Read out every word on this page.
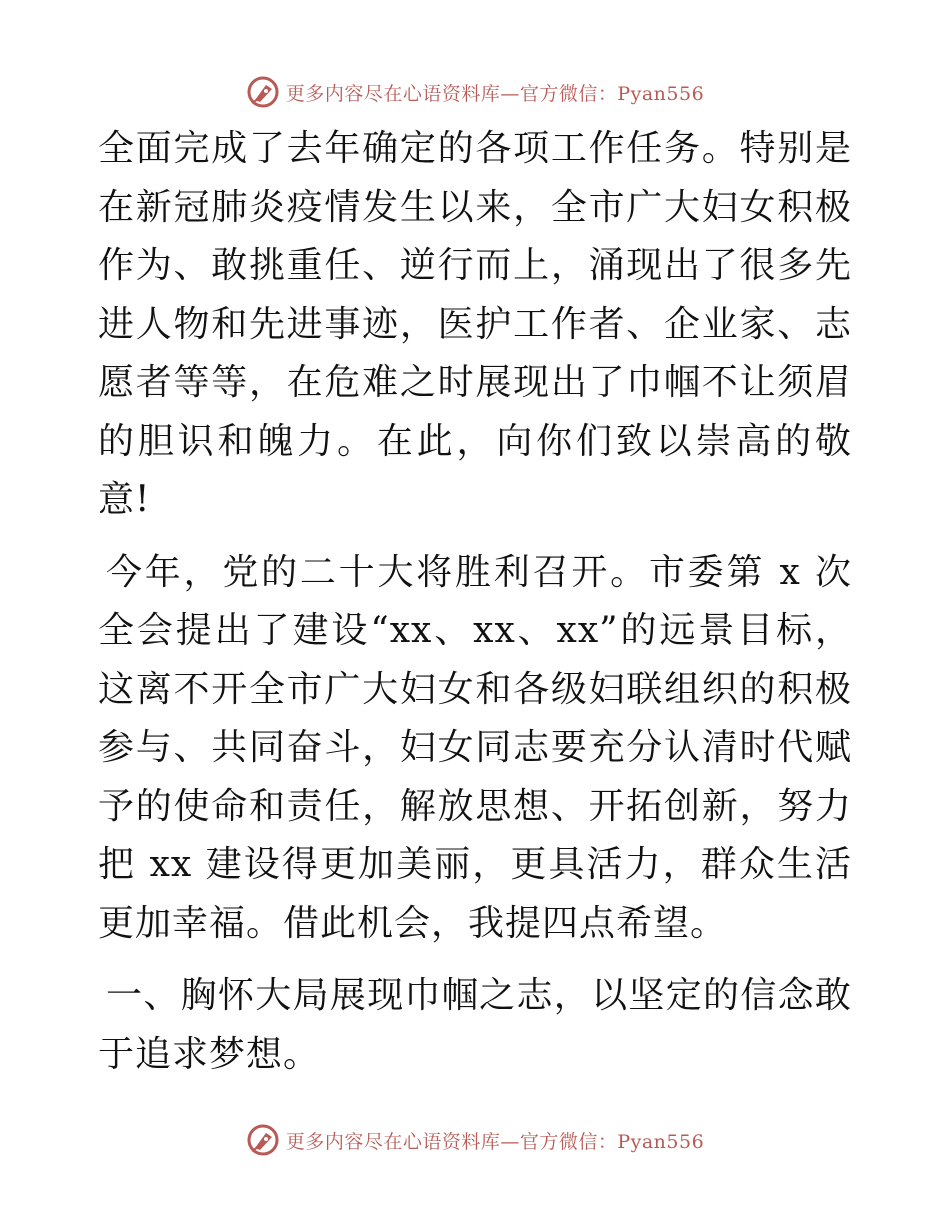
更多内容尽在心语资料库—官方微信：Pyan556

全面完成了去年确定的各项工作任务。特别是在新冠肺炎疫情发生以来，全市广大妇女积极作为、敢挑重任、逆行而上，涌现出了很多先进人物和先进事迹，医护工作者、企业家、志愿者等等，在危难之时展现出了巾帼不让须眉的胆识和魄力。在此，向你们致以崇高的敬意!

今年，党的二十大将胜利召开。市委第 x 次全会提出了建设“xx、xx、xx”的远景目标，这离不开全市广大妇女和各级妇联组织的积极参与、共同奋斗，妇女同志要充分认清时代赋予的使命和责任，解放思想、开拓创新，努力把 xx 建设得更加美丽，更具活力，群众生活更加幸福。借此机会，我提四点希望。

一、胸怀大局展现巾帼之志，以坚定的信念敢于追求梦想。

更多内容尽在心语资料库—官方微信：Pyan556
